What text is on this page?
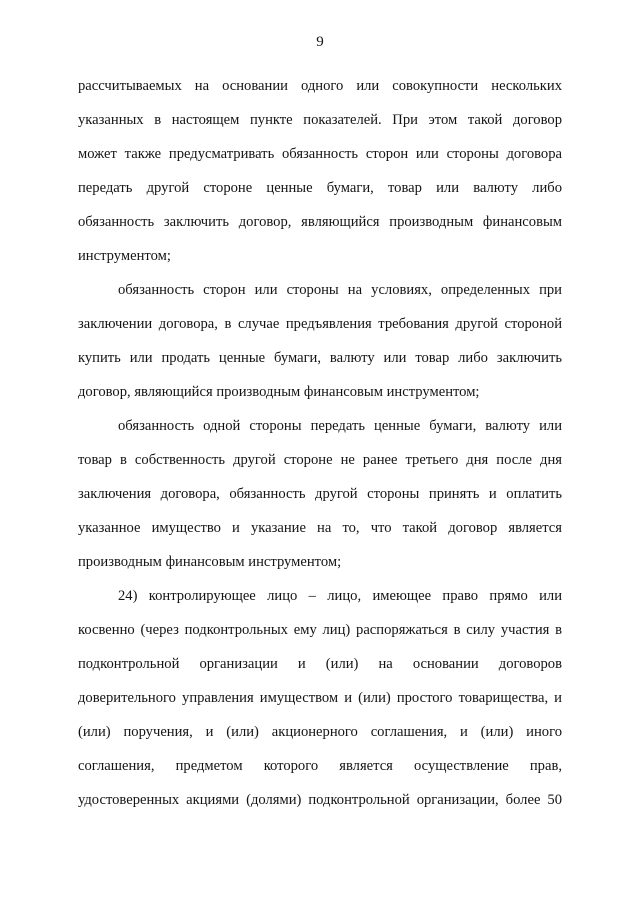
9
рассчитываемых на основании одного или совокупности нескольких
указанных в настоящем пункте показателей. При этом такой договор
может также предусматривать обязанность сторон или стороны договора
передать другой стороне ценные бумаги, товар или валюту либо
обязанность заключить договор, являющийся производным финансовым
инструментом;
обязанность сторон или стороны на условиях, определенных при
заключении договора, в случае предъявления требования другой стороной
купить или продать ценные бумаги, валюту или товар либо заключить
договор, являющийся производным финансовым инструментом;
обязанность одной стороны передать ценные бумаги, валюту или
товар в собственность другой стороне не ранее третьего дня после дня
заключения договора, обязанность другой стороны принять и оплатить
указанное имущество и указание на то, что такой договор является
производным финансовым инструментом;
24) контролирующее лицо – лицо, имеющее право прямо или
косвенно (через подконтрольных ему лиц) распоряжаться в силу участия в
подконтрольной организации и (или) на основании договоров
доверительного управления имуществом и (или) простого товарищества, и
(или) поручения, и (или) акционерного соглашения, и (или) иного
соглашения, предметом которого является осуществление прав,
удостоверенных акциями (долями) подконтрольной организации, более 50
